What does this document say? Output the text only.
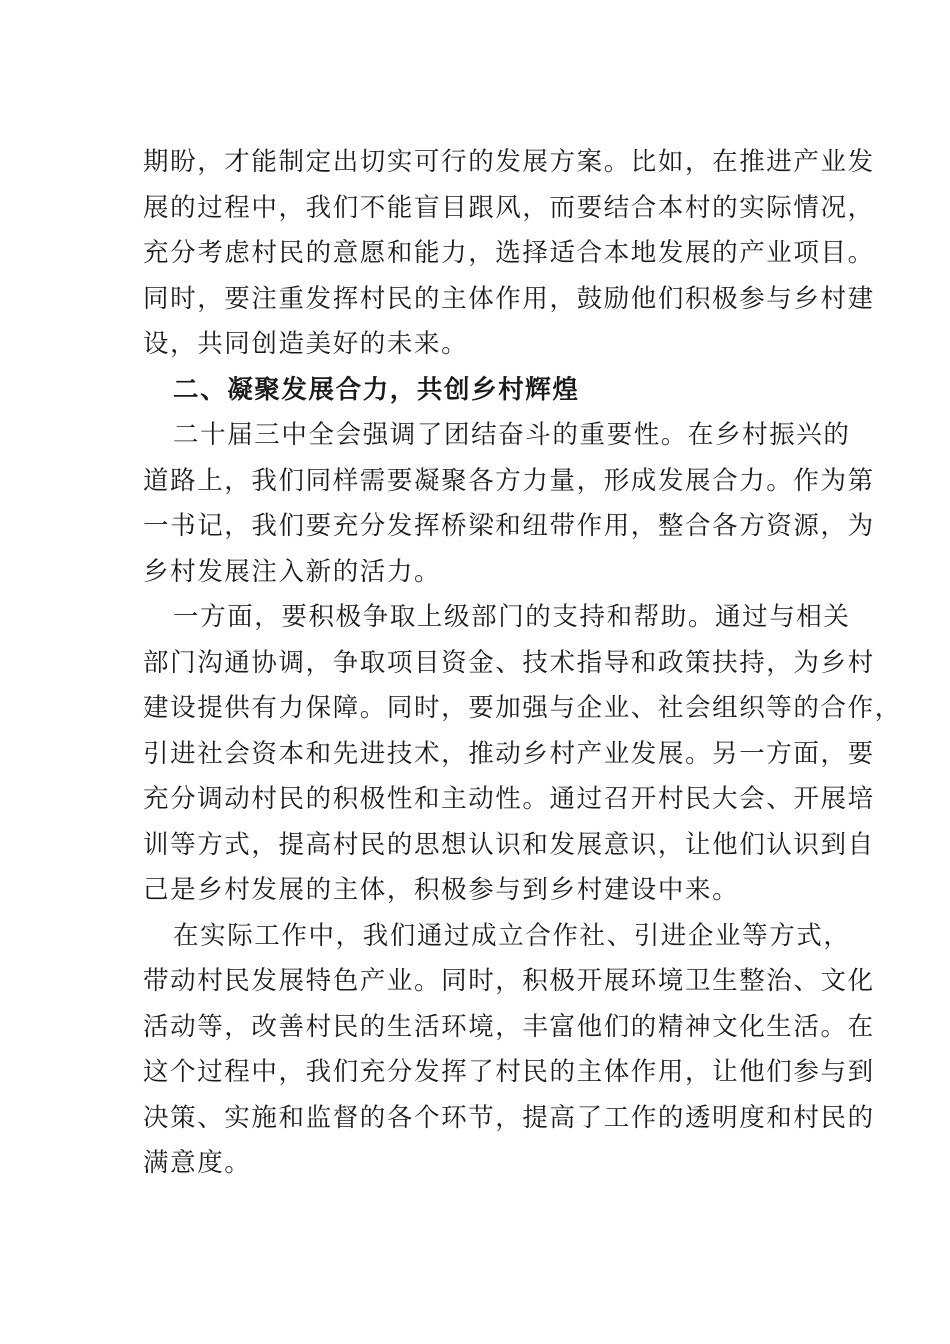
期盼，才能制定出切实可行的发展方案。比如，在推进产业发
展的过程中，我们不能盲目跟风，而要结合本村的实际情况，
充分考虑村民的意愿和能力，选择适合本地发展的产业项目。
同时，要注重发挥村民的主体作用，鼓励他们积极参与乡村建
设，共同创造美好的未来。
二、凝聚发展合力，共创乡村辉煌
二十届三中全会强调了团结奋斗的重要性。在乡村振兴的
道路上，我们同样需要凝聚各方力量，形成发展合力。作为第
一书记，我们要充分发挥桥梁和纽带作用，整合各方资源，为
乡村发展注入新的活力。
一方面，要积极争取上级部门的支持和帮助。通过与相关
部门沟通协调，争取项目资金、技术指导和政策扶持，为乡村
建设提供有力保障。同时，要加强与企业、社会组织等的合作，
引进社会资本和先进技术，推动乡村产业发展。另一方面，要
充分调动村民的积极性和主动性。通过召开村民大会、开展培
训等方式，提高村民的思想认识和发展意识，让他们认识到自
己是乡村发展的主体，积极参与到乡村建设中来。
在实际工作中，我们通过成立合作社、引进企业等方式，
带动村民发展特色产业。同时，积极开展环境卫生整治、文化
活动等，改善村民的生活环境，丰富他们的精神文化生活。在
这个过程中，我们充分发挥了村民的主体作用，让他们参与到
决策、实施和监督的各个环节，提高了工作的透明度和村民的
满意度。
